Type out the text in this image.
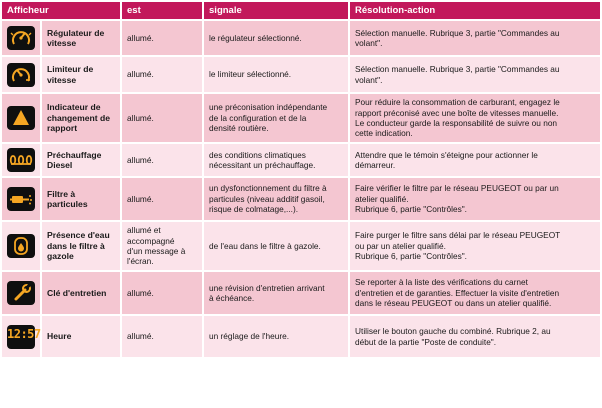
Afficheur		est	signale	Résolution-action

	Régulateur de
vitesse	allumé.	le régulateur sélectionné.	Sélection manuelle. Rubrique 3, partie "Commandes au
volant".

	Limiteur de
vitesse	allumé.	le limiteur sélectionné.	Sélection manuelle. Rubrique 3, partie "Commandes au
volant".

	Indicateur de
changement de
rapport	allumé.	une préconisation indépendante
de la configuration et de la
densité routière.	Pour réduire la consommation de carburant, engagez le
rapport préconisé avec une boîte de vitesses manuelle.
Le conducteur garde la responsabilité de suivre ou non
cette indication.

	Préchauffage
Diesel	allumé.	des conditions climatiques
nécessitant un préchauffage.	Attendre que le témoin s'éteigne pour actionner le
démarreur.

	Filtre à
particules	allumé.	un dysfonctionnement du filtre à
particules (niveau additif gasoil,
risque de colmatage,...).	Faire vérifier le filtre par le réseau PEUGEOT ou par un
atelier qualifié.
Rubrique 6, partie "Contrôles".

	Présence d'eau
dans le filtre à
gazole	allumé et
accompagné
d'un message à
l'écran.	de l'eau dans le filtre à gazole.	Faire purger le filtre sans délai par le réseau PEUGEOT
ou par un atelier qualifié.
Rubrique 6, partie "Contrôles".

	Clé d'entretien	allumé.	une révision d'entretien arrivant
à échéance.	Se reporter à la liste des vérifications du carnet
d'entretien et de garanties. Effectuer la visite d'entretien
dans le réseau PEUGEOT ou dans un atelier qualifié.

12:57	Heure	allumé.	un réglage de l'heure.	Utiliser le bouton gauche du combiné. Rubrique 2, au
début de la partie "Poste de conduite".
